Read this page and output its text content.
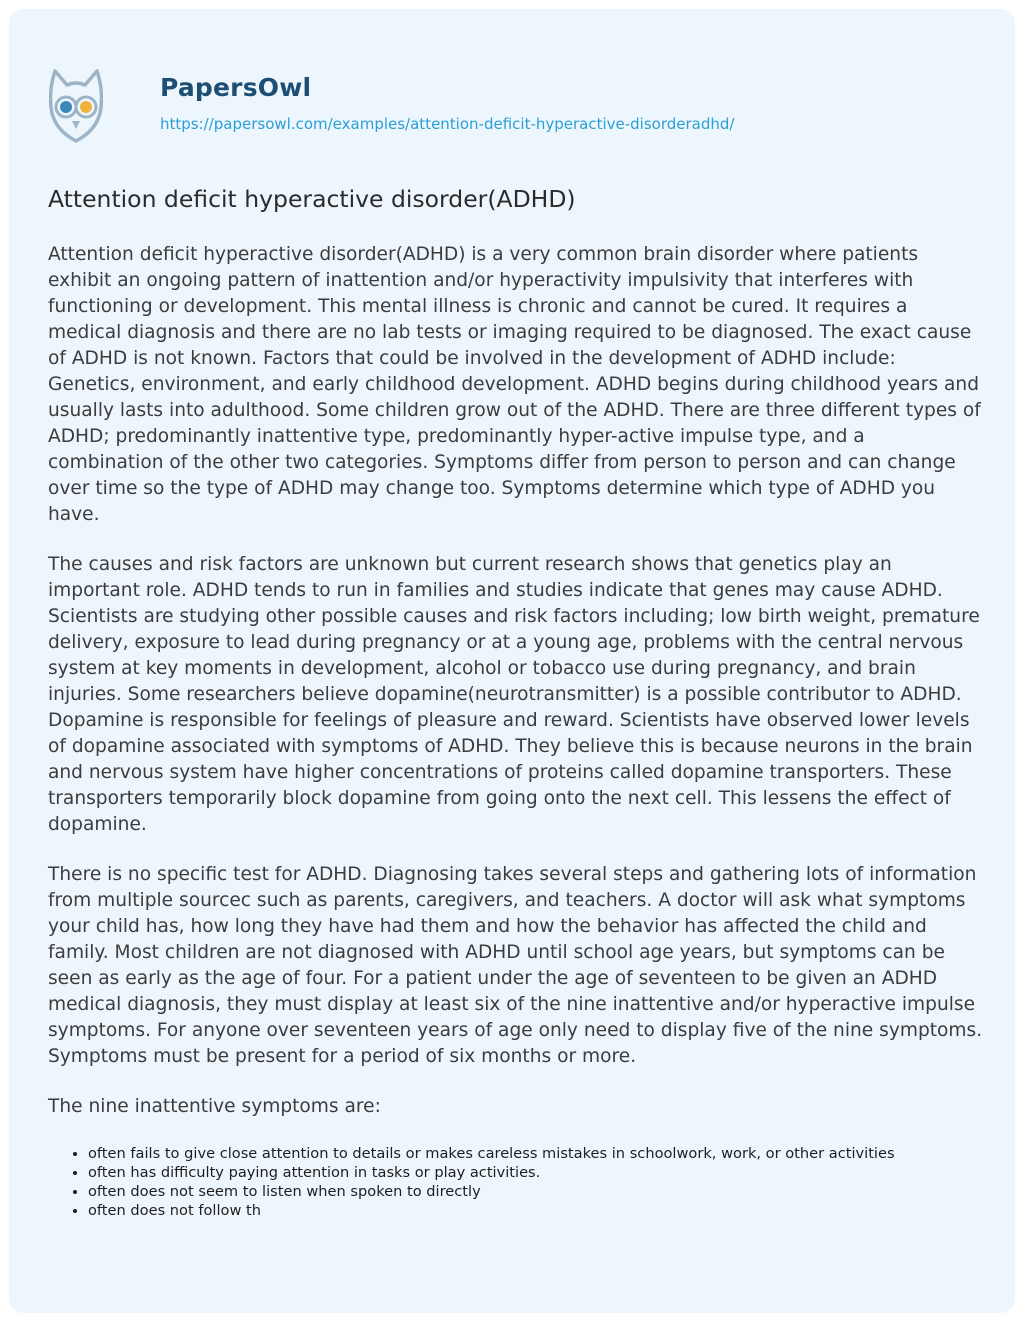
PapersOwl
https://papersowl.com/examples/attention-deficit-hyperactive-disorderadhd/
Attention deficit hyperactive disorder(ADHD)

Attention deficit hyperactive disorder(ADHD) is a very common brain disorder where patients exhibit an ongoing pattern of inattention and/or hyperactivity impulsivity that interferes with functioning or development. This mental illness is chronic and cannot be cured. It requires a medical diagnosis and there are no lab tests or imaging required to be diagnosed. The exact cause of ADHD is not known. Factors that could be involved in the development of ADHD include: Genetics, environment, and early childhood development. ADHD begins during childhood years and usually lasts into adulthood. Some children grow out of the ADHD. There are three different types of ADHD; predominantly inattentive type, predominantly hyper-active impulse type, and a combination of the other two categories. Symptoms differ from person to person and can change over time so the type of ADHD may change too. Symptoms determine which type of ADHD you have.

The causes and risk factors are unknown but current research shows that genetics play an important role. ADHD tends to run in families and studies indicate that genes may cause ADHD. Scientists are studying other possible causes and risk factors including; low birth weight, premature delivery, exposure to lead during pregnancy or at a young age, problems with the central nervous system at key moments in development, alcohol or tobacco use during pregnancy, and brain injuries. Some researchers believe dopamine(neurotransmitter) is a possible contributor to ADHD. Dopamine is responsible for feelings of pleasure and reward. Scientists have observed lower levels of dopamine associated with symptoms of ADHD. They believe this is because neurons in the brain and nervous system have higher concentrations of proteins called dopamine transporters. These transporters temporarily block dopamine from going onto the next cell. This lessens the effect of dopamine.

There is no specific test for ADHD. Diagnosing takes several steps and gathering lots of information from multiple sourcec such as parents, caregivers, and teachers. A doctor will ask what symptoms your child has, how long they have had them and how the behavior has affected the child and family. Most children are not diagnosed with ADHD until school age years, but symptoms can be seen as early as the age of four. For a patient under the age of seventeen to be given an ADHD medical diagnosis, they must display at least six of the nine inattentive and/or hyperactive impulse symptoms. For anyone over seventeen years of age only need to display five of the nine symptoms. Symptoms must be present for a period of six months or more.

The nine inattentive symptoms are:

• often fails to give close attention to details or makes careless mistakes in schoolwork, work, or other activities
• often has difficulty paying attention in tasks or play activities.
• often does not seem to listen when spoken to directly
• often does not follow th
